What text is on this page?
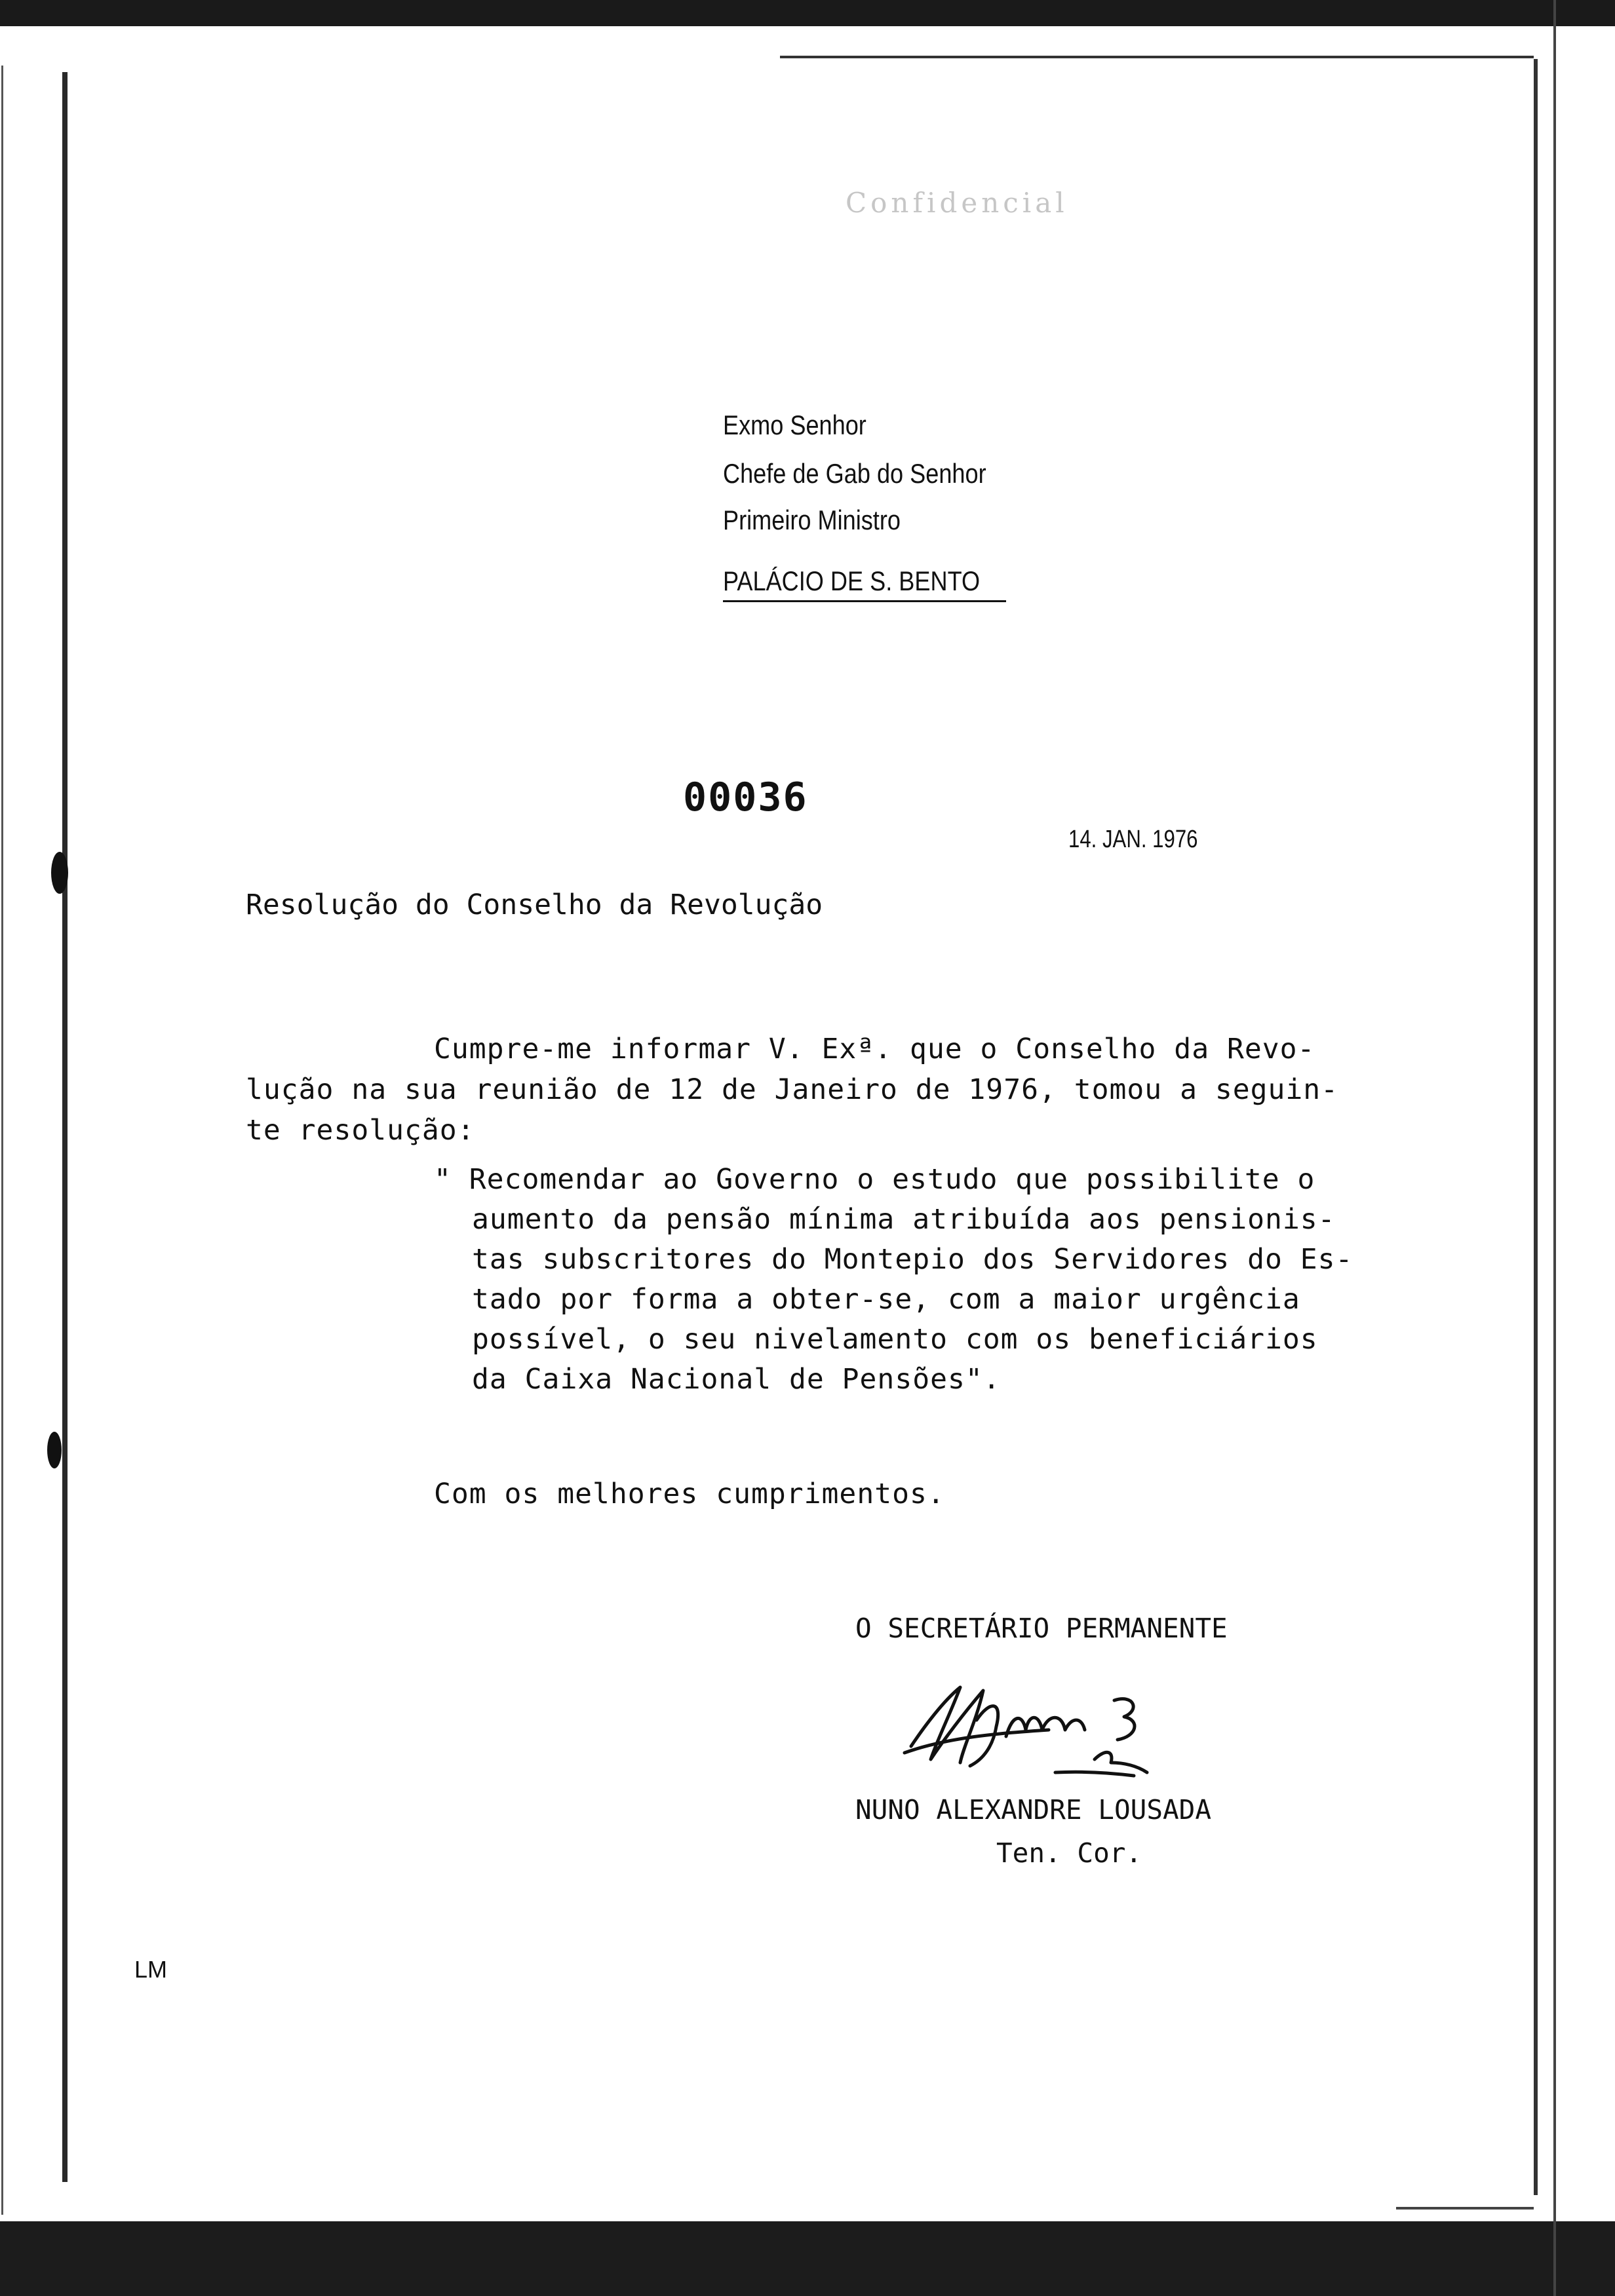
Confidencial
Exmo Senhor
Chefe de Gab do Senhor
Primeiro Ministro
PALÁCIO DE S. BENTO
00036
14. JAN. 1976
Resolução do Conselho da Revolução
Cumpre-me informar V. Exª. que o Conselho da Revo-
lução na sua reunião de 12 de Janeiro de 1976, tomou a seguin-
te resolução:
" Recomendar ao Governo o estudo que possibilite o
aumento da pensão mínima atribuída aos pensionis-
tas subscritores do Montepio dos Servidores do Es-
tado por forma a obter-se, com a maior urgência
possível, o seu nivelamento com os beneficiários
da Caixa Nacional de Pensões".
Com os melhores cumprimentos.
O SECRETÁRIO PERMANENTE
NUNO ALEXANDRE LOUSADA
Ten. Cor.
LM
